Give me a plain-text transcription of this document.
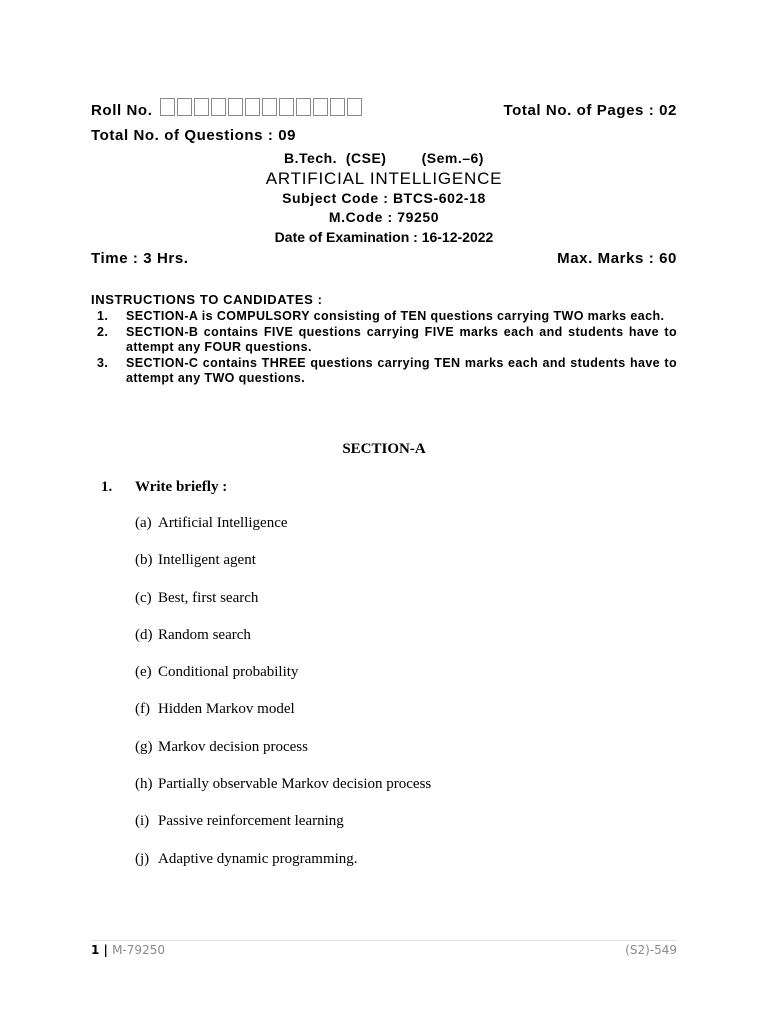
Roll No.	Total No. of Pages : 02
Total No. of Questions : 09
B.Tech.  (CSE)        (Sem.–6)
ARTIFICIAL INTELLIGENCE
Subject Code : BTCS-602-18
M.Code : 79250
Date of Examination : 16-12-2022
Time : 3 Hrs.	Max. Marks : 60
INSTRUCTIONS TO CANDIDATES :
1.	SECTION-A is COMPULSORY consisting of TEN questions carrying TWO marks each.
2.	SECTION-B contains FIVE questions carrying FIVE marks each and students have to attempt any FOUR questions.
3.	SECTION-C contains THREE questions carrying TEN marks each and students have to attempt any TWO questions.
SECTION-A
1.	Write briefly :
(a) Artificial Intelligence
(b) Intelligent agent
(c) Best, first search
(d) Random search
(e) Conditional probability
(f) Hidden Markov model
(g) Markov decision process
(h) Partially observable Markov decision process
(i) Passive reinforcement learning
(j) Adaptive dynamic programming.
1 | M-79250	(S2)-549
